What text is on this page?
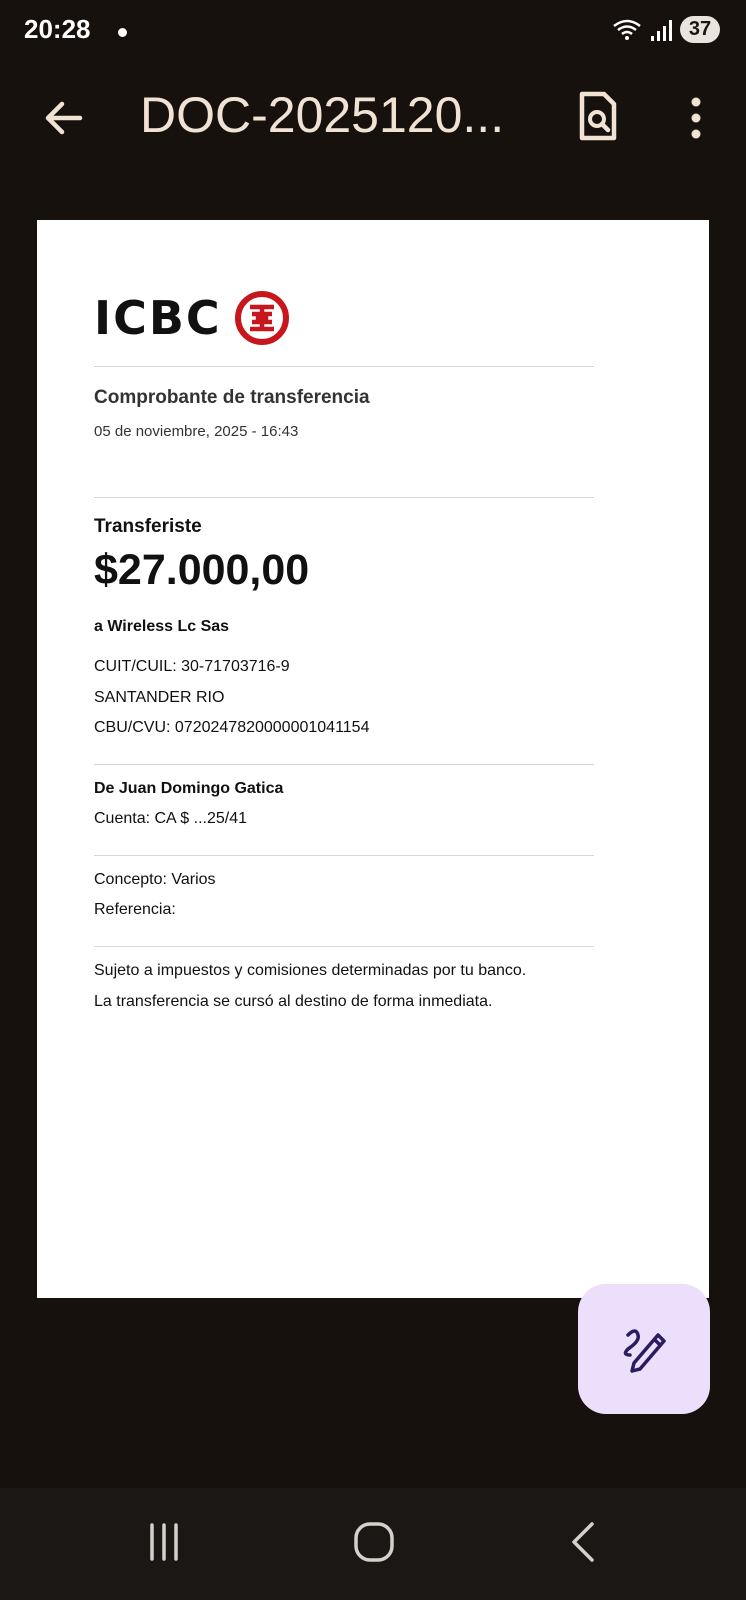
20:28	37
DOC-2025120...
ICBC
Comprobante de transferencia
05 de noviembre, 2025 - 16:43
Transferiste
$27.000,00
a Wireless Lc Sas
CUIT/CUIL: 30-71703716-9
SANTANDER RIO
CBU/CVU: 0720247820000001041154
De Juan Domingo Gatica
Cuenta: CA $ ...25/41
Concepto: Varios
Referencia:
Sujeto a impuestos y comisiones determinadas por tu banco.
La transferencia se cursó al destino de forma inmediata.
